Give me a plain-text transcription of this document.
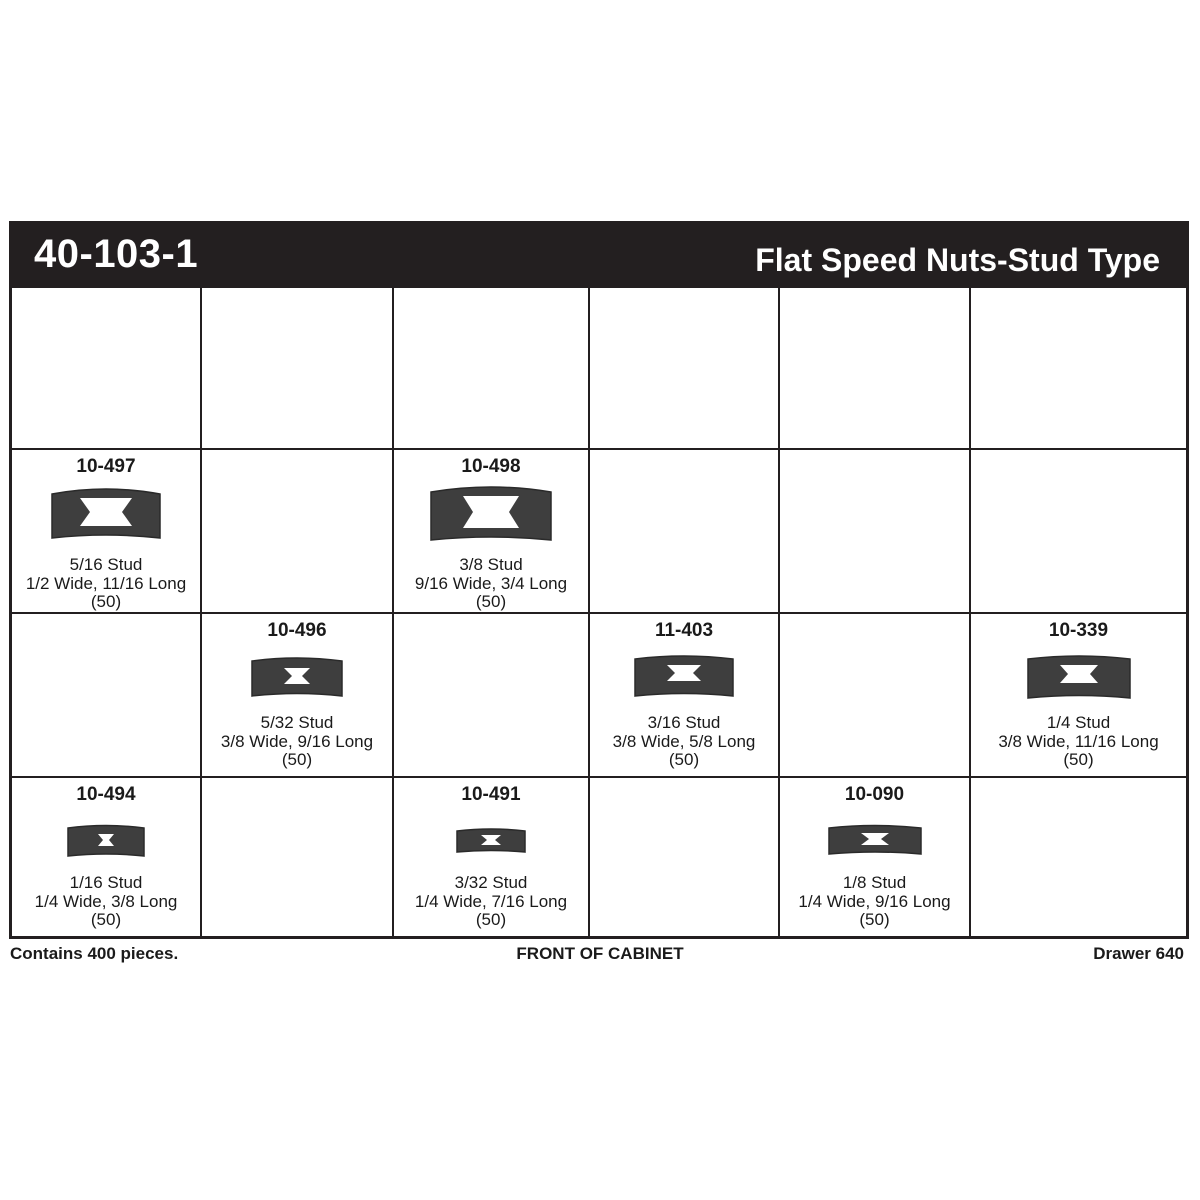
40-103-1	Flat Speed Nuts-Stud Type
10-497
5/16 Stud
1/2 Wide, 11/16 Long
(50)
10-498
3/8 Stud
9/16 Wide, 3/4 Long
(50)
10-496
5/32 Stud
3/8 Wide, 9/16 Long
(50)
11-403
3/16 Stud
3/8 Wide, 5/8 Long
(50)
10-339
1/4 Stud
3/8 Wide, 11/16 Long
(50)
10-494
1/16 Stud
1/4 Wide, 3/8 Long
(50)
10-491
3/32 Stud
1/4 Wide, 7/16 Long
(50)
10-090
1/8 Stud
1/4 Wide, 9/16 Long
(50)
Contains 400 pieces.	FRONT OF CABINET	Drawer 640
